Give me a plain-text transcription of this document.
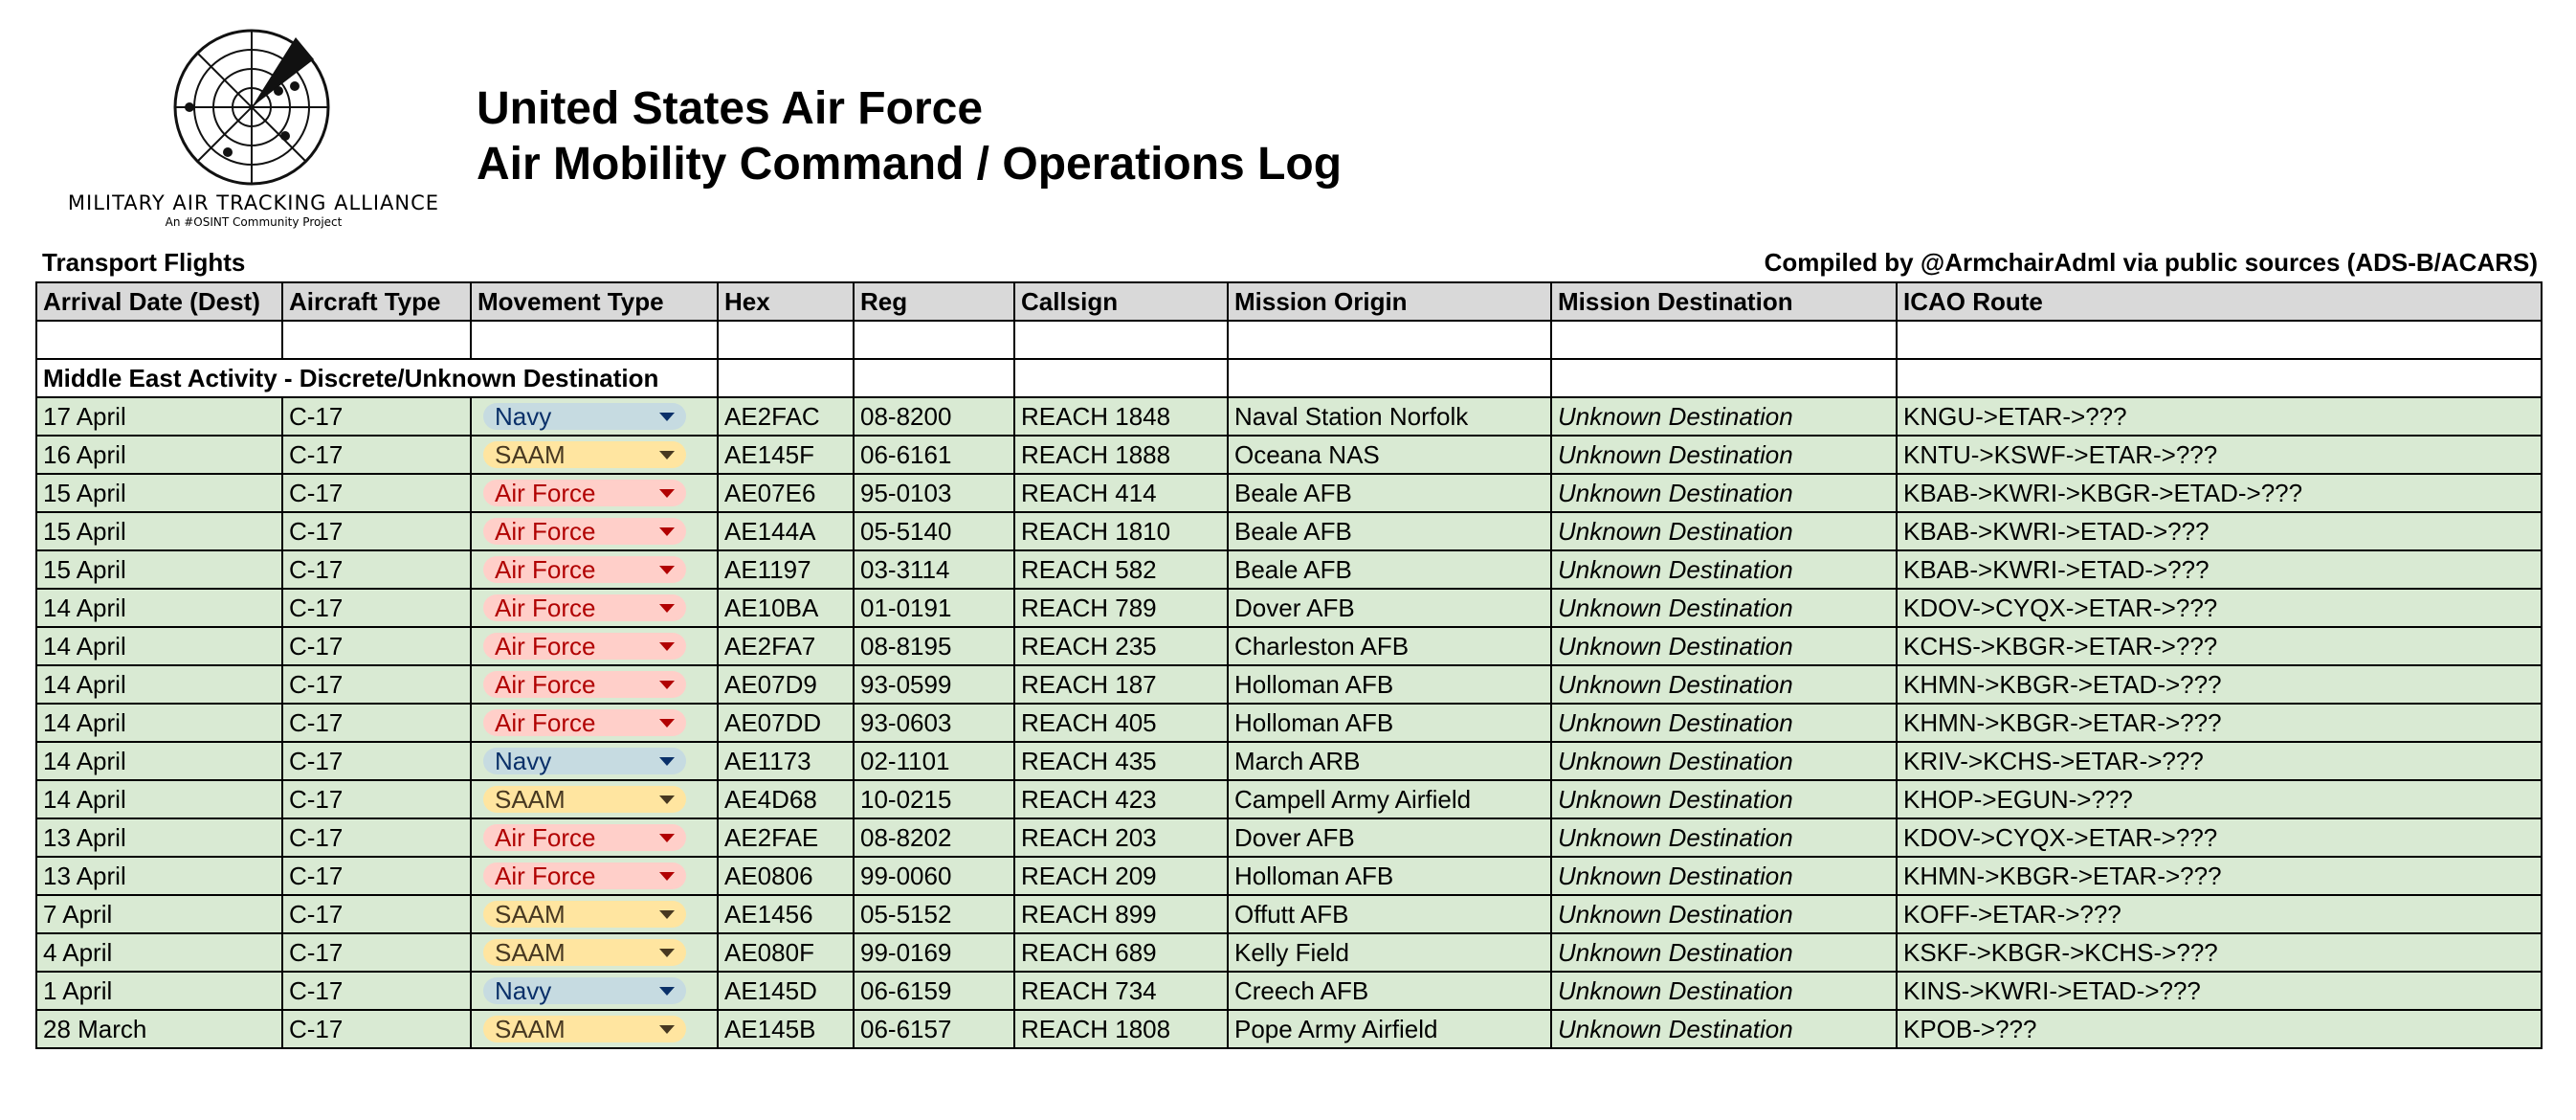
MILITARY AIR TRACKING ALLIANCE
An #OSINT Community Project
United States Air Force
Air Mobility Command / Operations Log
Transport Flights	Compiled by @ArmchairAdml via public sources (ADS-B/ACARS)
Arrival Date (Dest)	Aircraft Type	Movement Type	Hex	Reg	Callsign	Mission Origin	Mission Destination	ICAO Route

Middle East Activity - Discrete/Unknown Destination								
17 April	C-17	Navy	AE2FAC	08-8200	REACH 1848	Naval Station Norfolk	Unknown Destination	KNGU->ETAR->???
16 April	C-17	SAAM	AE145F	06-6161	REACH 1888	Oceana NAS	Unknown Destination	KNTU->KSWF->ETAR->???
15 April	C-17	Air Force	AE07E6	95-0103	REACH 414	Beale AFB	Unknown Destination	KBAB->KWRI->KBGR->ETAD->???
15 April	C-17	Air Force	AE144A	05-5140	REACH 1810	Beale AFB	Unknown Destination	KBAB->KWRI->ETAD->???
15 April	C-17	Air Force	AE1197	03-3114	REACH 582	Beale AFB	Unknown Destination	KBAB->KWRI->ETAD->???
14 April	C-17	Air Force	AE10BA	01-0191	REACH 789	Dover AFB	Unknown Destination	KDOV->CYQX->ETAR->???
14 April	C-17	Air Force	AE2FA7	08-8195	REACH 235	Charleston AFB	Unknown Destination	KCHS->KBGR->ETAR->???
14 April	C-17	Air Force	AE07D9	93-0599	REACH 187	Holloman AFB	Unknown Destination	KHMN->KBGR->ETAD->???
14 April	C-17	Air Force	AE07DD	93-0603	REACH 405	Holloman AFB	Unknown Destination	KHMN->KBGR->ETAR->???
14 April	C-17	Navy	AE1173	02-1101	REACH 435	March ARB	Unknown Destination	KRIV->KCHS->ETAR->???
14 April	C-17	SAAM	AE4D68	10-0215	REACH 423	Campell Army Airfield	Unknown Destination	KHOP->EGUN->???
13 April	C-17	Air Force	AE2FAE	08-8202	REACH 203	Dover AFB	Unknown Destination	KDOV->CYQX->ETAR->???
13 April	C-17	Air Force	AE0806	99-0060	REACH 209	Holloman AFB	Unknown Destination	KHMN->KBGR->ETAR->???
7 April	C-17	SAAM	AE1456	05-5152	REACH 899	Offutt AFB	Unknown Destination	KOFF->ETAR->???
4 April	C-17	SAAM	AE080F	99-0169	REACH 689	Kelly Field	Unknown Destination	KSKF->KBGR->KCHS->???
1 April	C-17	Navy	AE145D	06-6159	REACH 734	Creech AFB	Unknown Destination	KINS->KWRI->ETAD->???
28 March	C-17	SAAM	AE145B	06-6157	REACH 1808	Pope Army Airfield	Unknown Destination	KPOB->???
